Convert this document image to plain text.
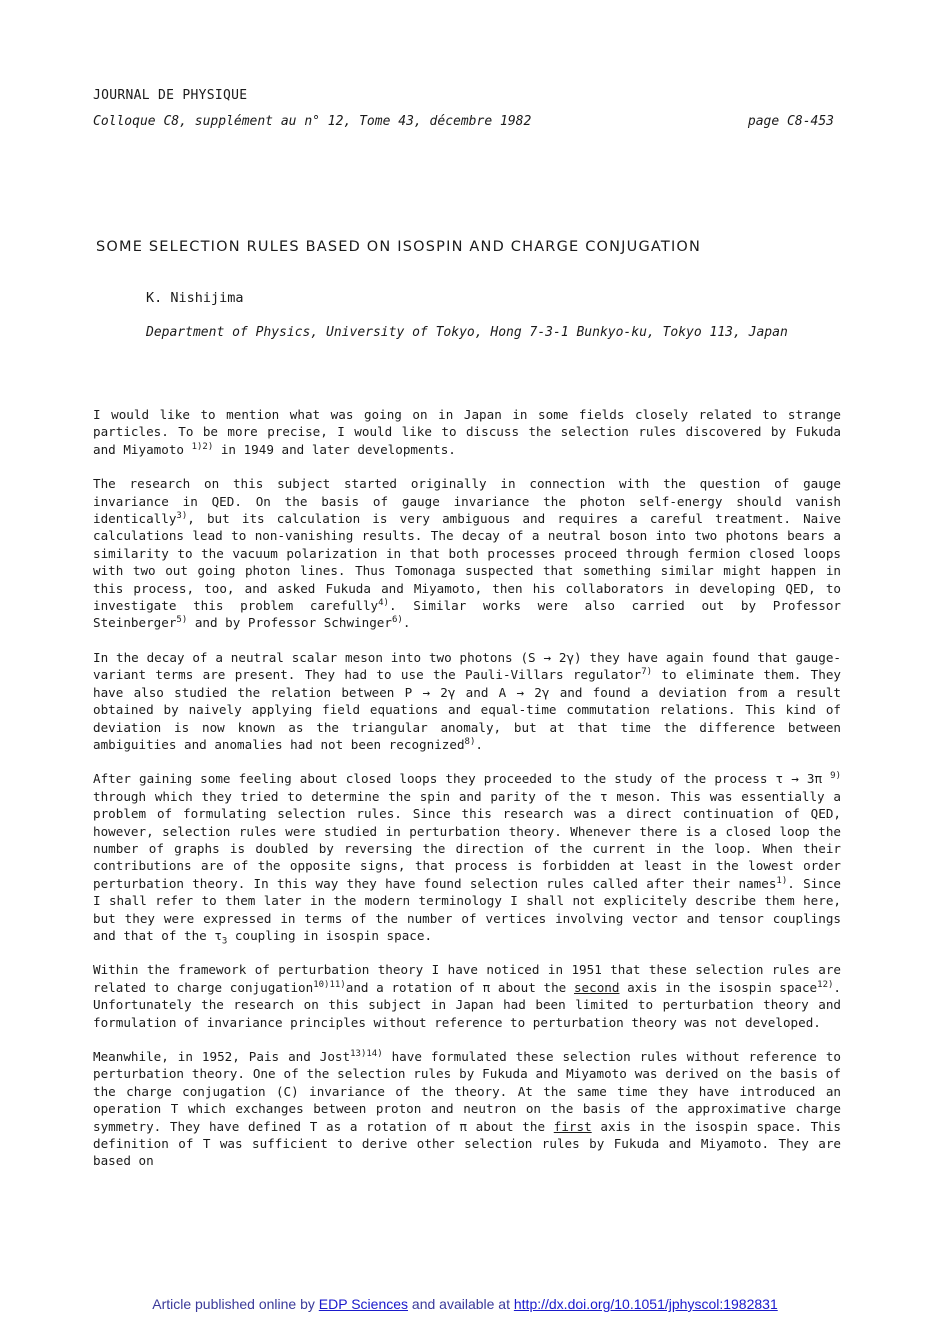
JOURNAL DE PHYSIQUE
Colloque C8, supplément au n° 12, Tome 43, décembre 1982	page C8-453
SOME SELECTION RULES BASED ON ISOSPIN AND CHARGE CONJUGATION
K. Nishijima
Department of Physics, University of Tokyo, Hong 7-3-1 Bunkyo-ku, Tokyo 113, Japan

I would like to mention what was going on in Japan in some fields closely related to strange particles. To be more precise, I would like to discuss the selection rules discovered by Fukuda and Miyamoto $^{1)2)}$ in 1949 and later developments.

The research on this subject started originally in connection with the question of gauge invariance in QED. On the basis of gauge invariance the photon self-energy should vanish identically$^{3)}$, but its calculation is very ambiguous and requires a careful treatment. Naive calculations lead to non-vanishing results. The decay of a neutral boson into two photons bears a similarity to the vacuum polarization in that both processes proceed through fermion closed loops with two out going photon lines. Thus Tomonaga suspected that something similar might happen in this process, too, and asked Fukuda and Miyamoto, then his collaborators in developing QED, to investigate this problem carefully$^{4)}$. Similar works were also carried out by Professor Steinberger$^{5)}$ and by Professor Schwinger$^{6)}$.

In the decay of a neutral scalar meson into two photons (S → 2γ) they have again found that gauge-variant terms are present. They had to use the Pauli-Villars regulator$^{7)}$ to eliminate them. They have also studied the relation between P → 2γ and A → 2γ and found a deviation from a result obtained by naively applying field equations and equal-time commutation relations. This kind of deviation is now known as the triangular anomaly, but at that time the difference between ambiguities and anomalies had not been recognized$^{8)}$.

After gaining some feeling about closed loops they proceeded to the study of the process τ → 3π $^{9)}$ through which they tried to determine the spin and parity of the τ meson. This was essentially a problem of formulating selection rules. Since this research was a direct continuation of QED, however, selection rules were studied in perturbation theory. Whenever there is a closed loop the number of graphs is doubled by reversing the direction of the current in the loop. When their contributions are of the opposite signs, that process is forbidden at least in the lowest order perturbation theory. In this way they have found selection rules called after their names$^{1)}$. Since I shall refer to them later in the modern terminology I shall not explicitely describe them here, but they were expressed in terms of the number of vertices involving vector and tensor couplings and that of the $\tau_3$ coupling in isospin space.

Within the framework of perturbation theory I have noticed in 1951 that these selection rules are related to charge conjugation$^{10)11)}$and a rotation of π about the second axis in the isospin space$^{12)}$. Unfortunately the research on this subject in Japan had been limited to perturbation theory and formulation of invariance principles without reference to perturbation theory was not developed.

Meanwhile, in 1952, Pais and Jost$^{13)14)}$ have formulated these selection rules without reference to perturbation theory. One of the selection rules by Fukuda and Miyamoto was derived on the basis of the charge conjugation (C) invariance of the theory. At the same time they have introduced an operation T which exchanges between proton and neutron on the basis of the approximative charge symmetry. They have defined T as a rotation of π about the first axis in the isospin space. This definition of T was sufficient to derive other selection rules by Fukuda and Miyamoto. They are based on

Article published online by EDP Sciences and available at http://dx.doi.org/10.1051/jphyscol:1982831
